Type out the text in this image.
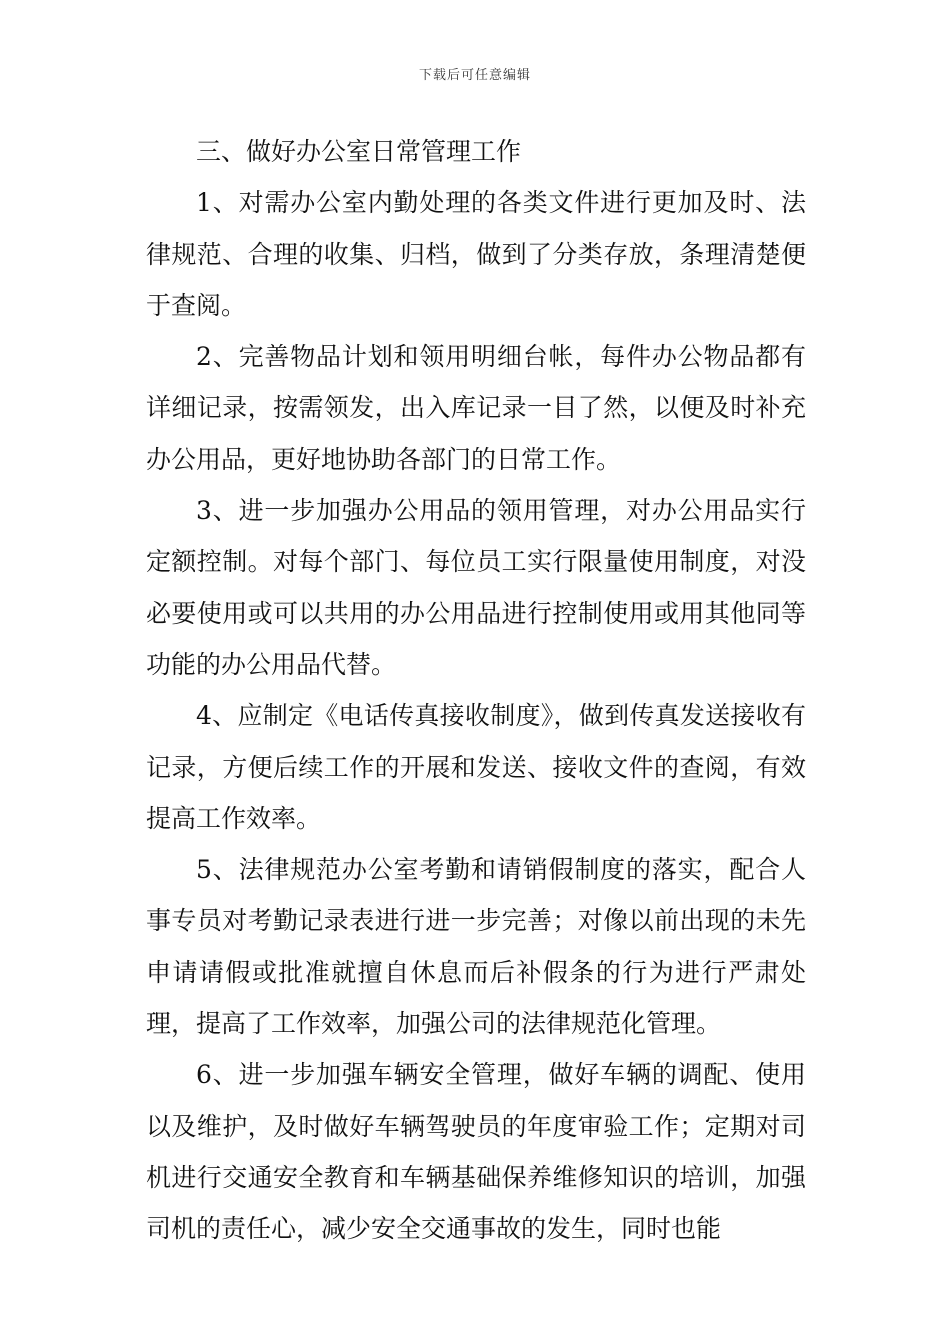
下载后可任意编辑

三、做好办公室日常管理工作

1、对需办公室内勤处理的各类文件进行更加及时、法律规范、合理的收集、归档，做到了分类存放，条理清楚便于查阅。

2、完善物品计划和领用明细台帐，每件办公物品都有详细记录，按需领发，出入库记录一目了然，以便及时补充办公用品，更好地协助各部门的日常工作。

3、进一步加强办公用品的领用管理，对办公用品实行定额控制。对每个部门、每位员工实行限量使用制度，对没必要使用或可以共用的办公用品进行控制使用或用其他同等功能的办公用品代替。

4、应制定《电话传真接收制度》，做到传真发送接收有记录，方便后续工作的开展和发送、接收文件的查阅，有效提高工作效率。

5、法律规范办公室考勤和请销假制度的落实，配合人事专员对考勤记录表进行进一步完善；对像以前出现的未先申请请假或批准就擅自休息而后补假条的行为进行严肃处理，提高了工作效率，加强公司的法律规范化管理。

6、进一步加强车辆安全管理，做好车辆的调配、使用以及维护，及时做好车辆驾驶员的年度审验工作；定期对司机进行交通安全教育和车辆基础保养维修知识的培训，加强司机的责任心，减少安全交通事故的发生，同时也能
